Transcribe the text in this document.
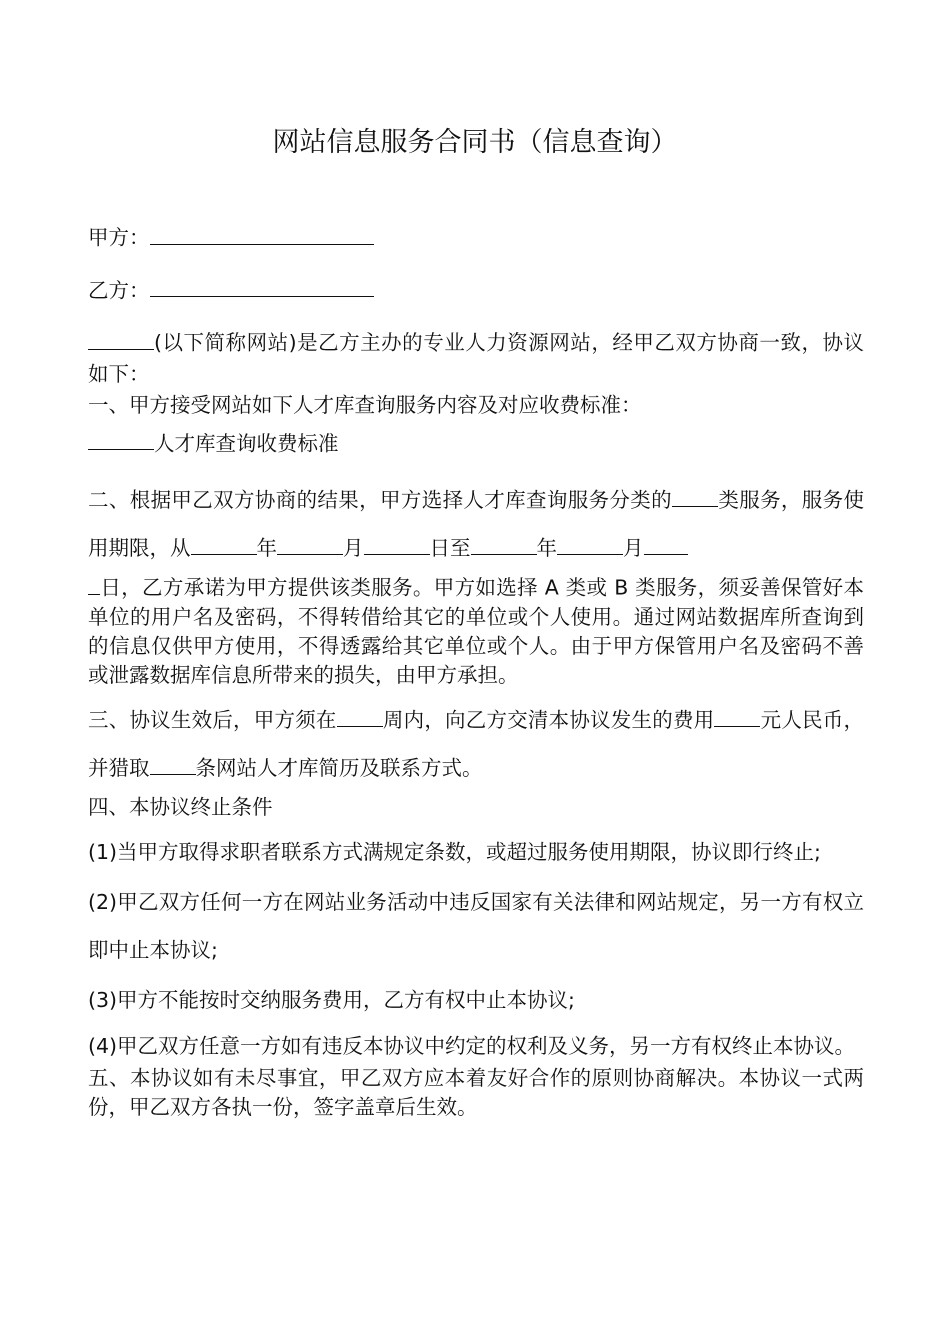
网站信息服务合同书（信息查询）

甲方：

乙方：

(以下简称网站)是乙方主办的专业人力资源网站，经甲乙双方协商一致，协议如下：

一、甲方接受网站如下人才库查询服务内容及对应收费标准：

人才库查询收费标准

二、根据甲乙双方协商的结果，甲方选择人才库查询服务分类的 类服务，服务使用期限，从	年	月	日至	年	月

日，乙方承诺为甲方提供该类服务。甲方如选择 A 类或 B 类服务，须妥善保管好本单位的用户名及密码，不得转借给其它的单位或个人使用。通过网站数据库所查询到的信息仅供甲方使用，不得透露给其它单位或个人。由于甲方保管用户名及密码不善或泄露数据库信息所带来的损失，由甲方承担。

三、协议生效后，甲方须在 周内，向乙方交清本协议发生的费用 元人民币，并猎取 条网站人才库简历及联系方式。

四、本协议终止条件

(1)当甲方取得求职者联系方式满规定条数，或超过服务使用期限，协议即行终止;

(2)甲乙双方任何一方在网站业务活动中违反国家有关法律和网站规定，另一方有权立即中止本协议;

(3)甲方不能按时交纳服务费用，乙方有权中止本协议;

(4)甲乙双方任意一方如有违反本协议中约定的权利及义务，另一方有权终止本协议。

五、本协议如有未尽事宜，甲乙双方应本着友好合作的原则协商解决。本协议一式两份，甲乙双方各执一份，签字盖章后生效。
